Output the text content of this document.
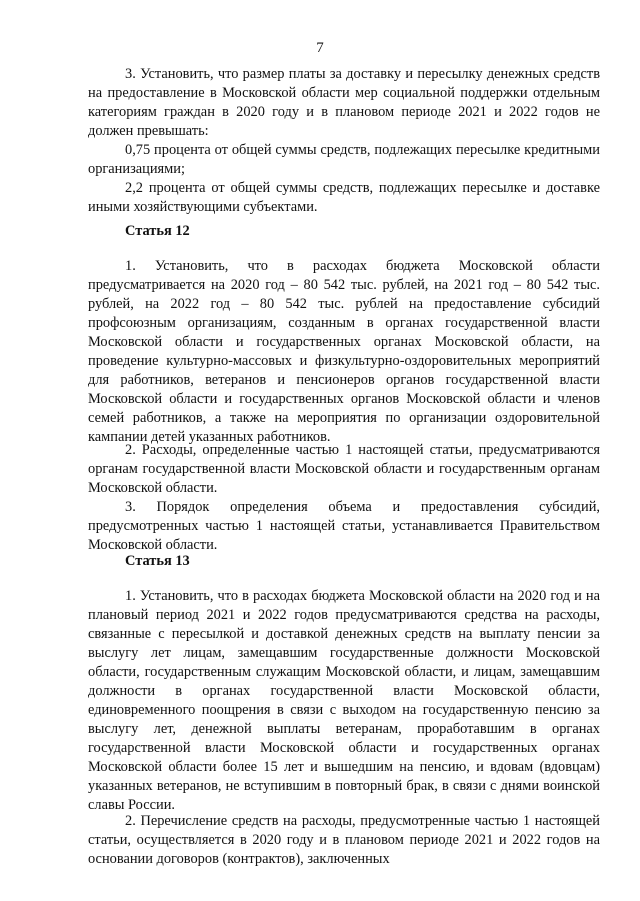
7

3. Установить, что размер платы за доставку и пересылку денежных средств на предоставление в Московской области мер социальной поддержки отдельным категориям граждан в 2020 году и в плановом периоде 2021 и 2022 годов не должен превышать:

0,75 процента от общей суммы средств, подлежащих пересылке кредитными организациями;

2,2 процента от общей суммы средств, подлежащих пересылке и доставке иными хозяйствующими субъектами.

Статья 12

1. Установить, что в расходах бюджета Московской области предусматривается на 2020 год – 80 542 тыс. рублей, на 2021 год – 80 542 тыс. рублей, на 2022 год – 80 542 тыс. рублей на предоставление субсидий профсоюзным организациям, созданным в органах государственной власти Московской области и государственных органах Московской области, на проведение культурно-массовых и физкультурно-оздоровительных мероприятий для работников, ветеранов и пенсионеров органов государственной власти Московской области и государственных органов Московской области и членов семей работников, а также на мероприятия по организации оздоровительной кампании детей указанных работников.

2. Расходы, определенные частью 1 настоящей статьи, предусматриваются органам государственной власти Московской области и государственным органам Московской области.

3. Порядок определения объема и предоставления субсидий, предусмотренных частью 1 настоящей статьи, устанавливается Правительством Московской области.

Статья 13

1. Установить, что в расходах бюджета Московской области на 2020 год и на плановый период 2021 и 2022 годов предусматриваются средства на расходы, связанные с пересылкой и доставкой денежных средств на выплату пенсии за выслугу лет лицам, замещавшим государственные должности Московской области, государственным служащим Московской области, и лицам, замещавшим должности в органах государственной власти Московской области, единовременного поощрения в связи с выходом на государственную пенсию за выслугу лет, денежной выплаты ветеранам, проработавшим в органах государственной власти Московской области и государственных органах Московской области более 15 лет и вышедшим на пенсию, и вдовам (вдовцам) указанных ветеранов, не вступившим в повторный брак, в связи с днями воинской славы России.

2. Перечисление средств на расходы, предусмотренные частью 1 настоящей статьи, осуществляется в 2020 году и в плановом периоде 2021 и 2022 годов на основании договоров (контрактов), заключенных
